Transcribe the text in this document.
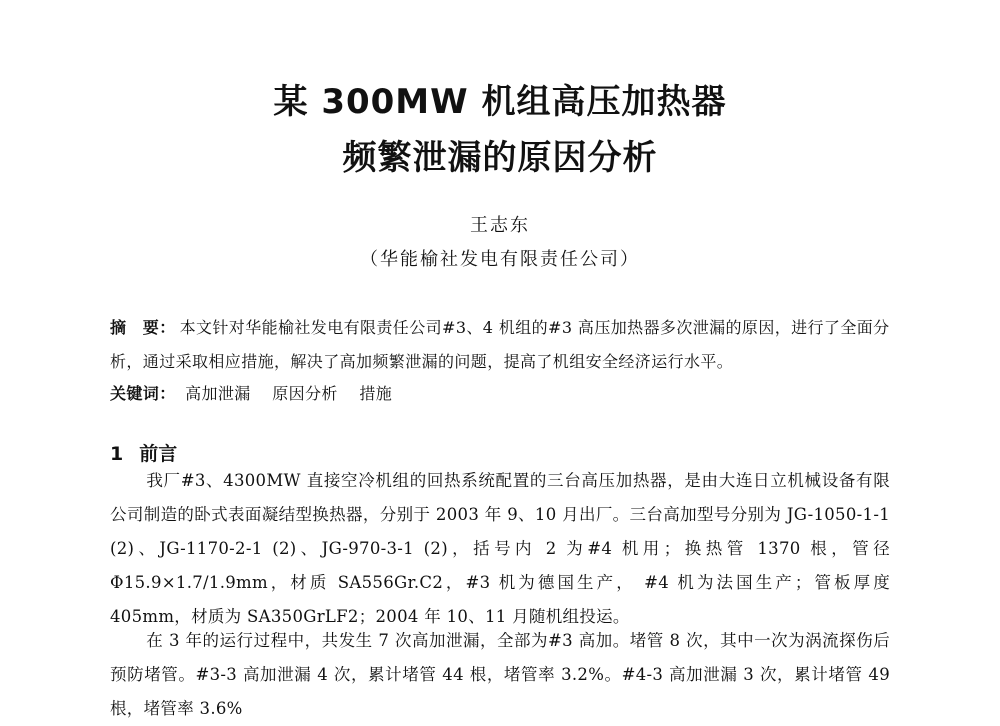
某 300MW 机组高压加热器
频繁泄漏的原因分析
王志东
（华能榆社发电有限责任公司）
摘　要： 本文针对华能榆社发电有限责任公司#3、4 机组的#3 高压加热器多次泄漏的原因，进行了全面分析，通过采取相应措施，解决了高加频繁泄漏的问题，提高了机组安全经济运行水平。
关键词： 高加泄漏 原因分析 措施
1 前言
我厂#3、4300MW 直接空冷机组的回热系统配置的三台高压加热器，是由大连日立机械设备有限公司制造的卧式表面凝结型换热器，分别于 2003 年 9、10 月出厂。三台高加型号分别为 JG-1050-1-1 (2)、JG-1170-2-1 (2)、JG-970-3-1 (2)，括号内 2 为#4 机用；换热管 1370 根，管径Φ15.9×1.7/1.9mm，材质 SA556Gr.C2，#3 机为德国生产， #4 机为法国生产；管板厚度 405mm，材质为 SA350GrLF2；2004 年 10、11 月随机组投运。
在 3 年的运行过程中，共发生 7 次高加泄漏，全部为#3 高加。堵管 8 次，其中一次为涡流探伤后预防堵管。#3-3 高加泄漏 4 次，累计堵管 44 根，堵管率 3.2%。#4-3 高加泄漏 3 次，累计堵管 49 根，堵管率 3.6%
